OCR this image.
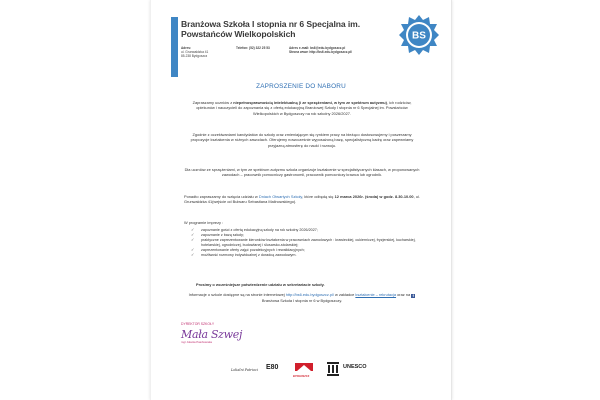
Branżowa Szkoła I stopnia nr 6 Specjalna im. Powstańców Wielkopolskich
Adres:
ul. Grunwaldzka 41
85-238 Bydgoszcz
Telefon: (52) 322 25 53	Adres e-mail: bs6@edu.bydgoszcz.pl
Strona www: http://bs6.edu.bydgoszcz.pl/
BS
ZAPROSZENIE DO NABORU
Zapraszamy uczniów z niepełnosprawnością intelektualną (i ze sprzężeniami, w tym ze spektrum autyzmu), ich rodziców, opiekunów i nauczycieli do zapoznania się z ofertą edukacyjną Branżowej Szkoły I stopnia nr 6 Specjalnej im. Powstańców Wielkopolskich w Bydgoszczy na rok szkolny 2026/2027.
Zgodnie z oczekiwaniami kandydatów do szkoły oraz zmieniającym się rynkiem pracy na bieżąco dostosowujemy i poszerzamy propozycje kształcenia w różnych zawodach. Oferujemy nowocześnie wyposażoną bazę, specjalistyczną kadrę oraz zapewniamy przyjazną atmosferę do nauki i rozwoju.
Dla uczniów ze sprzężeniami, w tym ze spektrum autyzmu szkoła organizuje kształcenie w specjalistycznych klasach, w proponowanych zawodach – pracownik pomocniczy gastronomii, pracownik pomocniczy krawca lub ogrodnik.
Ponadto zapraszamy do wzięcia udziału w Dniach Otwartych Szkoły, które odbędą się 12 marca 2026r. (środa) w godz. 8.30-10.00, ul. Grunwaldzka 41(wejście od Bulwaru Sebastiana Malinowskiego).
W programie imprezy :
✓ zapoznanie gości z ofertą edukacyjną szkoły na rok szkolny 2026/2027;
✓ zapoznanie z bazą szkoły;
✓ praktyczne zaprezentowanie kierunków kształcenia w pracowniach zawodowych : krawieckiej, cukierniczej, fryzjerskiej, kucharskiej, hotelarskiej, ogrodniczej, budowlanej i ślusarsko-stolarskiej;
✓ zaprezentowanie oferty zajęć pozalekcyjnych i rewalidacyjnych;
✓ możliwość rozmowy indywidualnej z doradcą zawodowym.
Prosimy o wcześniejsze potwierdzenie udziału w sekretariacie szkoły.
Informacje o szkole dostępne są na stronie internetowej http://bs6.edu.bydgoszcz.pl/ w zakładce kształcenie – rekrutacja oraz na f Branżowa Szkoła I stopnia nr 6 w Bydgoszczy.
DYREKTOR SZKOŁY
Mała Szwej
mgr Jolanta Paszkowska
Lokalni Patrioci E80
BYDGOSZCZ
UNESCO
